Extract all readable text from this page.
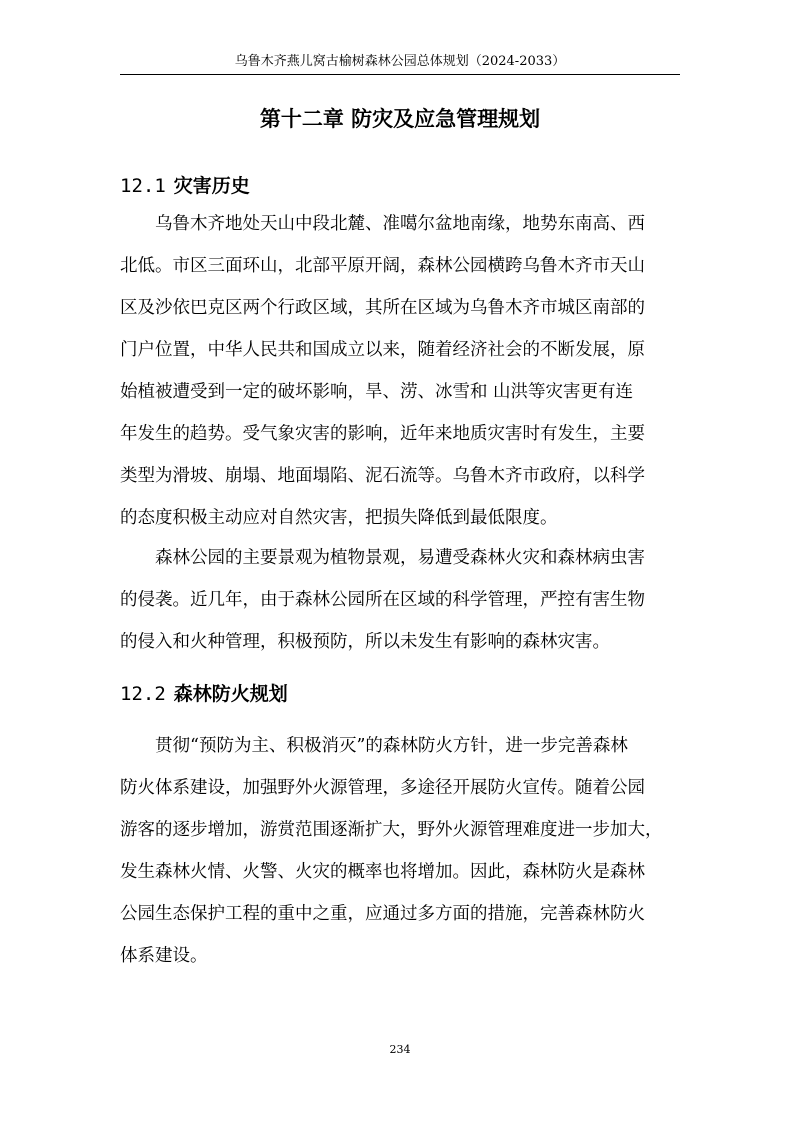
乌鲁木齐燕儿窝古榆树森林公园总体规划（2024-2033）
第十二章 防灾及应急管理规划
12.1 灾害历史
　　乌鲁木齐地处天山中段北麓、准噶尔盆地南缘，地势东南高、西
北低。市区三面环山，北部平原开阔，森林公园横跨乌鲁木齐市天山
区及沙依巴克区两个行政区域，其所在区域为乌鲁木齐市城区南部的
门户位置，中华人民共和国成立以来，随着经济社会的不断发展，原
始植被遭受到一定的破坏影响，旱、涝、冰雪和 山洪等灾害更有连
年发生的趋势。受气象灾害的影响，近年来地质灾害时有发生，主要
类型为滑坡、崩塌、地面塌陷、泥石流等。乌鲁木齐市政府，以科学
的态度积极主动应对自然灾害，把损失降低到最低限度。
　　森林公园的主要景观为植物景观，易遭受森林火灾和森林病虫害
的侵袭。近几年，由于森林公园所在区域的科学管理，严控有害生物
的侵入和火种管理，积极预防，所以未发生有影响的森林灾害。
12.2 森林防火规划
　　贯彻“预防为主、积极消灭”的森林防火方针，进一步完善森林
防火体系建设，加强野外火源管理，多途径开展防火宣传。随着公园
游客的逐步增加，游赏范围逐渐扩大，野外火源管理难度进一步加大，
发生森林火情、火警、火灾的概率也将增加。因此，森林防火是森林
公园生态保护工程的重中之重，应通过多方面的措施，完善森林防火
体系建设。
234
